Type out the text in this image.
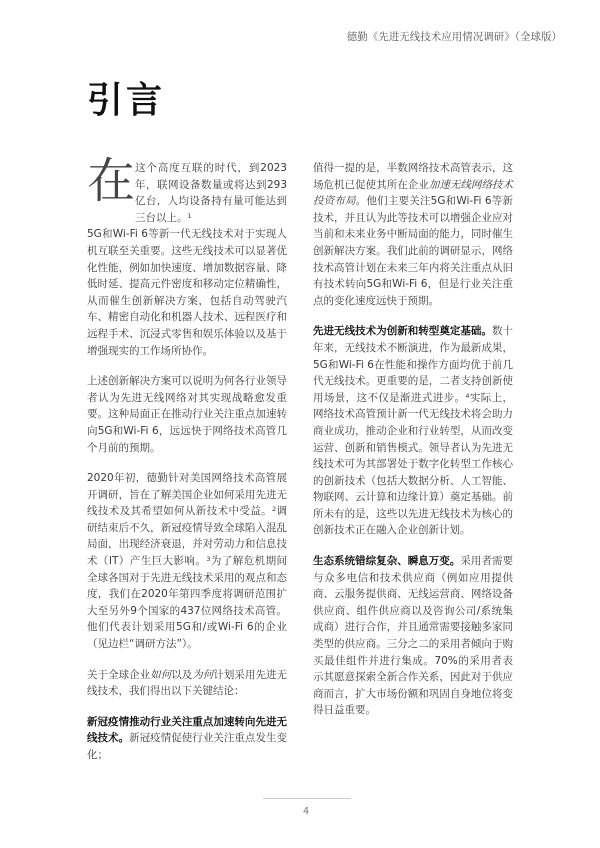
德勤《先进无线技术应用情况调研》（全球版）
引言
在 这个高度互联的时代，到2023年，联网设备数量或将达到293亿台，人均设备持有量可能达到三台以上。$^1$

5G和Wi-Fi 6等新一代无线技术对于实现人机互联至关重要。这些无线技术可以显著优化性能，例如加快速度、增加数据容量、降低时延、提高元件密度和移动定位精确性，从而催生创新解决方案，包括自动驾驶汽车、精密自动化和机器人技术、远程医疗和远程手术、沉浸式零售和娱乐体验以及基于增强现实的工作场所协作。

上述创新解决方案可以说明为何各行业领导者认为先进无线网络对其实现战略愈发重要。这种局面正在推动行业关注重点加速转向5G和Wi-Fi 6，远远快于网络技术高管几个月前的预期。

2020年初，德勤针对美国网络技术高管展开调研，旨在了解美国企业如何采用先进无线技术及其希望如何从新技术中受益。$^2$调研结束后不久，新冠疫情导致全球陷入混乱局面，出现经济衰退，并对劳动力和信息技术（IT）产生巨大影响。$^3$为了解危机期间全球各国对于先进无线技术采用的观点和态度，我们在2020年第四季度将调研范围扩大至另外9个国家的437位网络技术高管。他们代表计划采用5G和/或Wi-Fi 6的企业（见边栏“调研方法”）。

关于全球企业如何以及为何计划采用先进无线技术，我们得出以下关键结论：

新冠疫情推动行业关注重点加速转向先进无线技术。新冠疫情促使行业关注重点发生变化；

值得一提的是，半数网络技术高管表示，这场危机已促使其所在企业加速无线网络技术投资布局。他们主要关注5G和Wi-Fi 6等新技术，并且认为此等技术可以增强企业应对当前和未来业务中断局面的能力，同时催生创新解决方案。我们此前的调研显示，网络技术高管计划在未来三年内将关注重点从旧有技术转向5G和Wi-Fi 6，但是行业关注重点的变化速度远快于预期。

先进无线技术为创新和转型奠定基础。数十年来，无线技术不断演进，作为最新成果，5G和Wi-Fi 6在性能和操作方面均优于前几代无线技术。更重要的是，二者支持创新使用场景，这不仅是渐进式进步。$^4$实际上，网络技术高管预计新一代无线技术将会助力商业成功，推动企业和行业转型，从而改变运营、创新和销售模式。领导者认为先进无线技术可为其部署处于数字化转型工作核心的创新技术（包括大数据分析、人工智能、物联网、云计算和边缘计算）奠定基础。前所未有的是，这些以先进无线技术为核心的创新技术正在融入企业创新计划。

生态系统错综复杂、瞬息万变。采用者需要与众多电信和技术供应商（例如应用提供商、云服务提供商、无线运营商、网络设备供应商、组件供应商以及咨询公司/系统集成商）进行合作，并且通常需要接触多家同类型的供应商。三分之二的采用者倾向于购买最佳组件并进行集成。70%的采用者表示其愿意探索全新合作关系，因此对于供应商而言，扩大市场份额和巩固自身地位将变得日益重要。

4
